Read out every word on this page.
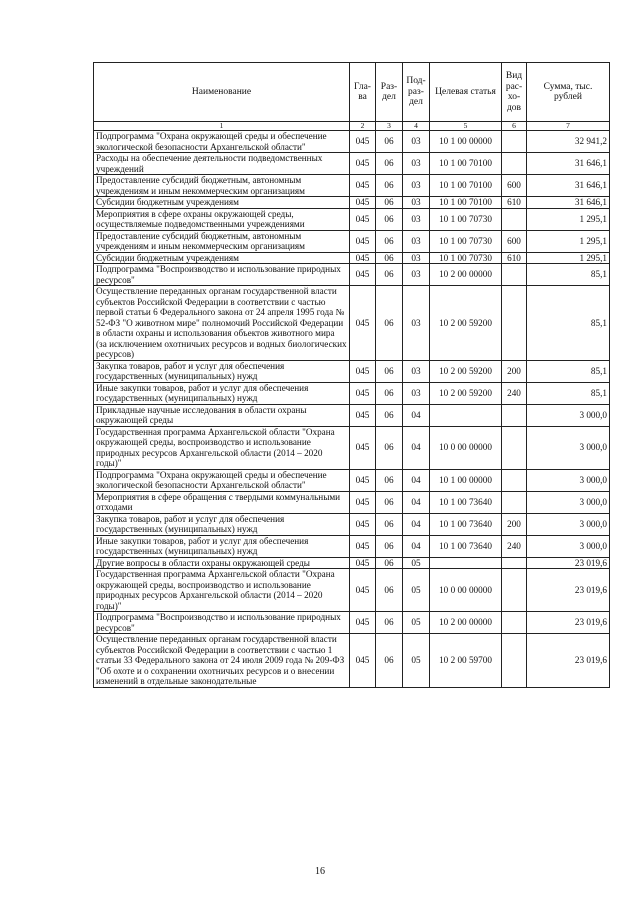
Наименование	Гла-ва	Раз-дел	Под-раз-дел	Целевая статья	Вид рас-хо-дов	Сумма, тыс. рублей
1	2	3	4	5	6	7
Подпрограмма "Охрана окружающей среды и обеспечение экологической безопасности Архангельской области"	045	06	03	10 1 00 00000		32 941,2
Расходы на обеспечение деятельности подведомственных учреждений	045	06	03	10 1 00 70100		31 646,1
Предоставление субсидий бюджетным, автономным учреждениям и иным некоммерческим организациям	045	06	03	10 1 00 70100	600	31 646,1
Субсидии бюджетным учреждениям	045	06	03	10 1 00 70100	610	31 646,1
Мероприятия в сфере охраны окружающей среды, осуществляемые подведомственными учреждениями	045	06	03	10 1 00 70730		1 295,1
Предоставление субсидий бюджетным, автономным учреждениям и иным некоммерческим организациям	045	06	03	10 1 00 70730	600	1 295,1
Субсидии бюджетным учреждениям	045	06	03	10 1 00 70730	610	1 295,1
Подпрограмма "Воспроизводство и использование природных ресурсов"	045	06	03	10 2 00 00000		85,1
Осуществление переданных органам государственной власти субъектов Российской Федерации в соответствии с частью первой статьи 6 Федерального закона от 24 апреля 1995 года № 52-ФЗ "О животном мире" полномочий Российской Федерации в области охраны и использования объектов животного мира (за исключением охотничьих ресурсов и водных биологических ресурсов)	045	06	03	10 2 00 59200		85,1
Закупка товаров, работ и услуг для обеспечения государственных (муниципальных) нужд	045	06	03	10 2 00 59200	200	85,1
Иные закупки товаров, работ и услуг для обеспечения государственных (муниципальных) нужд	045	06	03	10 2 00 59200	240	85,1
Прикладные научные исследования в области охраны окружающей среды	045	06	04			3 000,0
Государственная программа Архангельской области "Охрана окружающей среды, воспроизводство и использование природных ресурсов Архангельской области (2014 – 2020 годы)"	045	06	04	10 0 00 00000		3 000,0
Подпрограмма "Охрана окружающей среды и обеспечение экологической безопасности Архангельской области"	045	06	04	10 1 00 00000		3 000,0
Мероприятия в сфере обращения с твердыми коммунальными отходами	045	06	04	10 1 00 73640		3 000,0
Закупка товаров, работ и услуг для обеспечения государственных (муниципальных) нужд	045	06	04	10 1 00 73640	200	3 000,0
Иные закупки товаров, работ и услуг для обеспечения государственных (муниципальных) нужд	045	06	04	10 1 00 73640	240	3 000,0
Другие вопросы в области охраны окружающей среды	045	06	05			23 019,6
Государственная программа Архангельской области "Охрана окружающей среды, воспроизводство и использование природных ресурсов Архангельской области (2014 – 2020 годы)"	045	06	05	10 0 00 00000		23 019,6
Подпрограмма "Воспроизводство и использование природных ресурсов"	045	06	05	10 2 00 00000		23 019,6
Осуществление переданных органам государственной власти субъектов Российской Федерации в соответствии с частью 1 статьи 33 Федерального закона от 24 июля 2009 года № 209-ФЗ "Об охоте и о сохранении охотничьих ресурсов и о внесении изменений в отдельные законодательные	045	06	05	10 2 00 59700		23 019,6
16
